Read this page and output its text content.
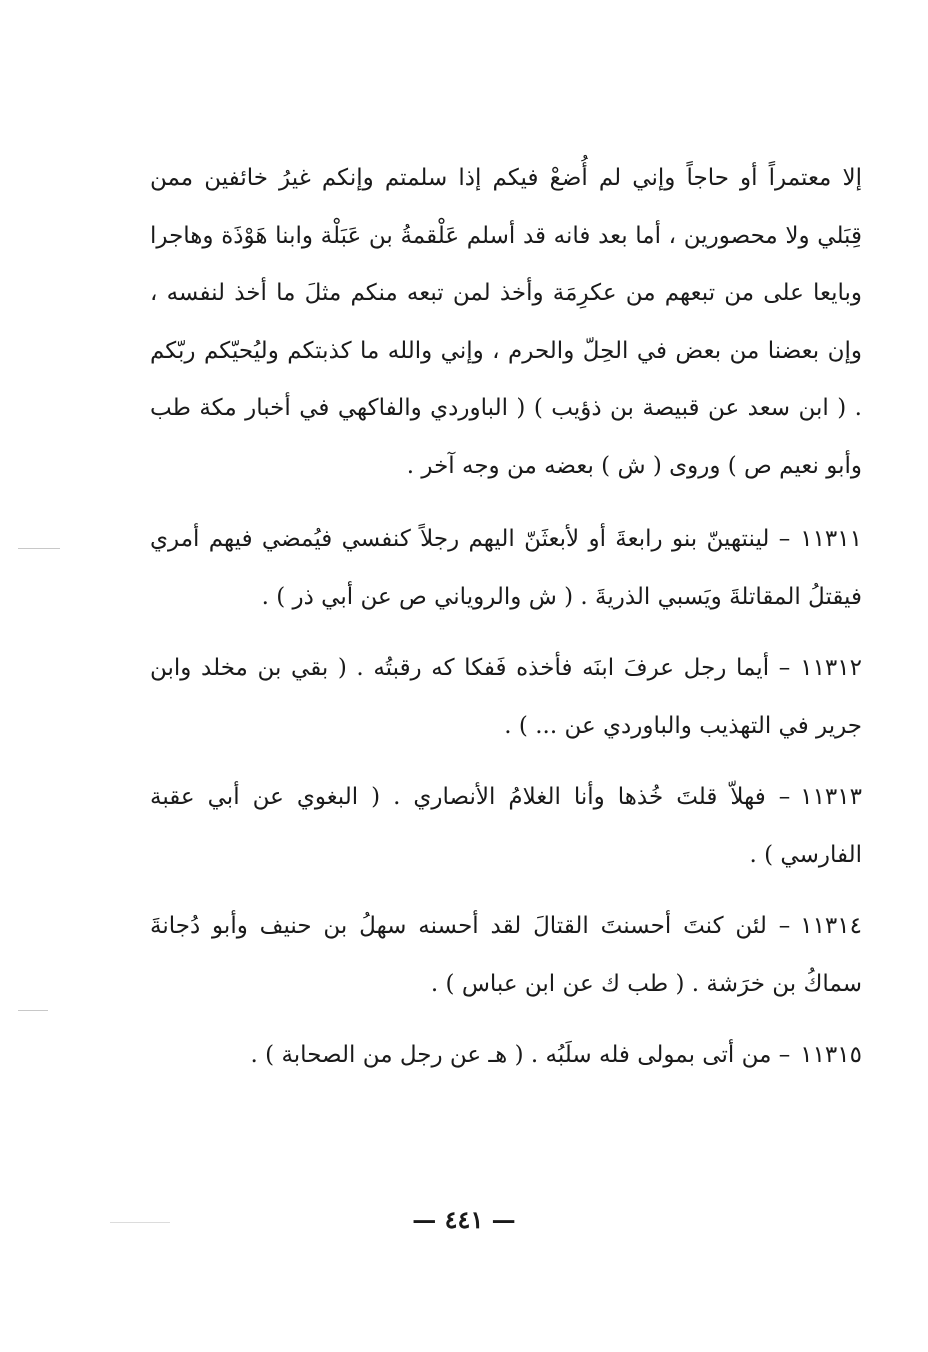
إلا معتمراً أو حاجاً وإني لم أُضعْ فيكم إذا سلمتم وإنكم غيرُ خائفين ممن قِبَلي ولا محصورين ، أما بعد فانه قد أسلم عَلْقمةُ بن عَبَلْة وابنا هَوْذَة وهاجرا وبايعا على من تبعهم من عكرِمَة وأخذ لمن تبعه منكم مثلَ ما أخذ لنفسه ، وإن بعضنا من بعض في الحِلّ والحرم ، وإني والله ما كذبتكم وليُحيّكم ربّكم . ( ابن سعد عن قبيصة بن ذؤيب ) ( الباوردي والفاكهي في أخبار مكة طب وأبو نعيم ص ) وروى ( ش ) بعضه من وجه آخر .

١١٣١١– لينتهينّ بنو رابعةَ أو لأبعثَنّ اليهم رجلاً كنفسي فيُمضي فيهم أمري فيقتلُ المقاتلةَ ويَسبي الذريةَ . ( ش والروياني ص عن أبي ذر ) .

١١٣١٢– أيما رجل عرفَ ابنَه فأخذه فَفكا كه رقبتُه . ( بقي بن مخلد وابن جرير في التهذيب والباوردي عن ... ) .

١١٣١٣– فهلاّ قلتَ خُذها وأنا الغلامُ الأنصاري . ( البغوي عن أبي عقبة الفارسي ) .

١١٣١٤– لئن كنتَ أحسنتَ القتالَ لقد أحسنه سهلُ بن حنيف وأبو دُجانةَ سماكُ بن خرَشة . ( طب ك عن ابن عباس ) .

١١٣١٥– من أتى بمولى فله سلَبُه . ( هـ عن رجل من الصحابة ) .

— ٤٤١ —
